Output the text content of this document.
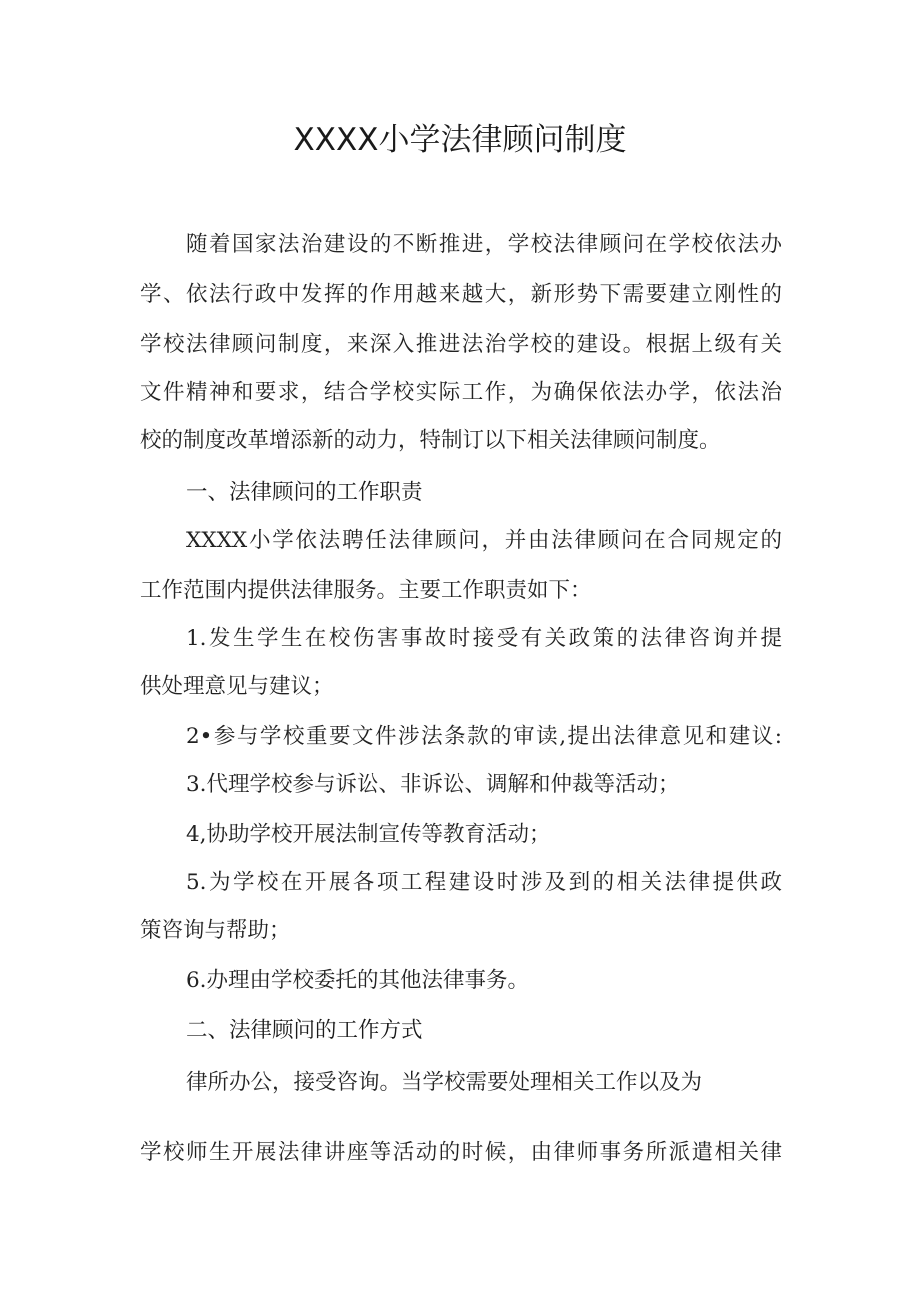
XXXX小学法律顾问制度

随着国家法治建设的不断推进，学校法律顾问在学校依法办

学、依法行政中发挥的作用越来越大，新形势下需要建立刚性的

学校法律顾问制度，来深入推进法治学校的建设。根据上级有关

文件精神和要求，结合学校实际工作，为确保依法办学，依法治

校的制度改革增添新的动力，特制订以下相关法律顾问制度。

一、法律顾问的工作职责

XXXX小学依法聘任法律顾问，并由法律顾问在合同规定的

工作范围内提供法律服务。主要工作职责如下：

1.发生学生在校伤害事故时接受有关政策的法律咨询并提

供处理意见与建议；

2•参与学校重要文件涉法条款的审读,提出法律意见和建议:

3.代理学校参与诉讼、非诉讼、调解和仲裁等活动；

4,协助学校开展法制宣传等教育活动；

5.为学校在开展各项工程建设时涉及到的相关法律提供政

策咨询与帮助；

6.办理由学校委托的其他法律事务。

二、法律顾问的工作方式

律所办公，接受咨询。当学校需要处理相关工作以及为

学校师生开展法律讲座等活动的时候，由律师事务所派遣相关律
